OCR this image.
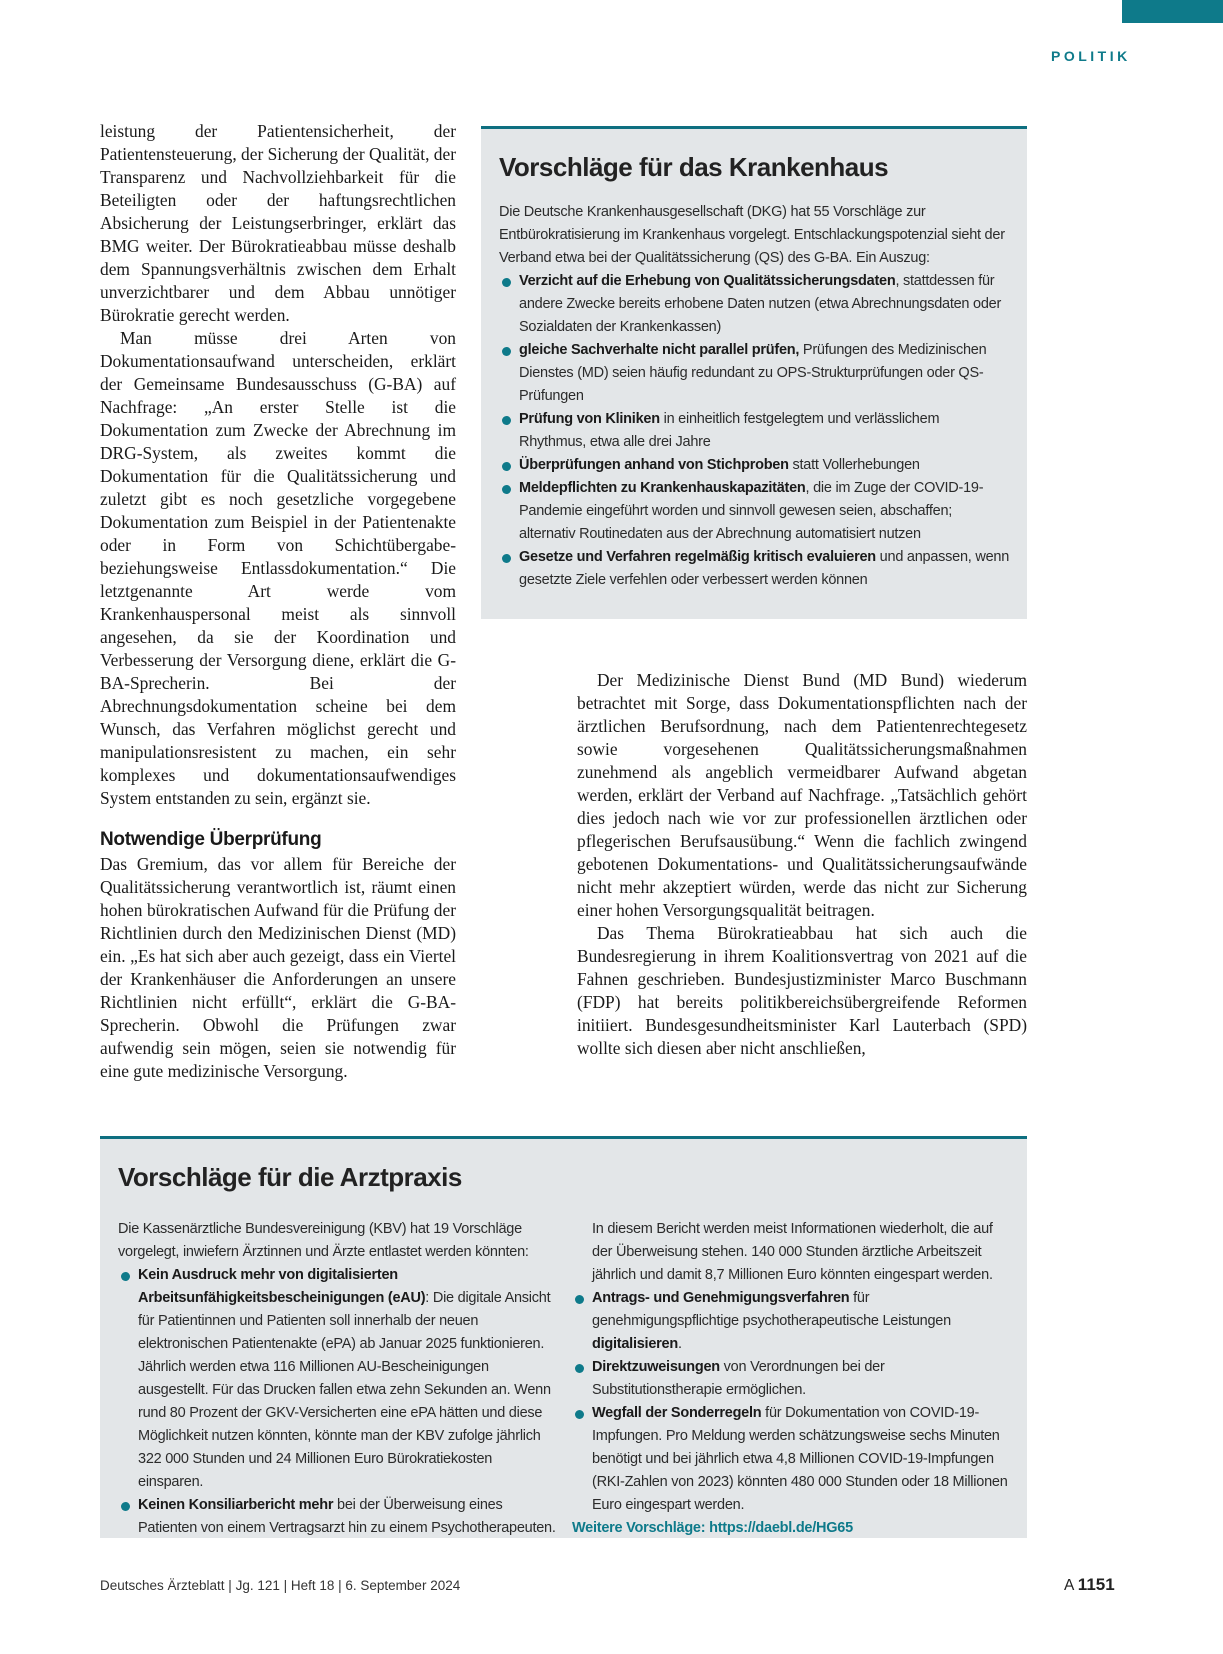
POLITIK

leistung der Patientensicherheit, der Patientensteuerung, der Sicherung der Qualität, der Transparenz und Nachvollziehbarkeit für die Beteiligten oder der haftungsrechtlichen Absicherung der Leistungserbringer, erklärt das BMG weiter. Der Bürokratieabbau müsse deshalb dem Spannungsverhältnis zwischen dem Erhalt unverzichtbarer und dem Abbau unnötiger Bürokratie gerecht werden.

Man müsse drei Arten von Dokumentationsaufwand unterscheiden, erklärt der Gemeinsame Bundesausschuss (G-BA) auf Nachfrage: „An erster Stelle ist die Dokumentation zum Zwecke der Abrechnung im DRG-System, als zweites kommt die Dokumentation für die Qualitätssicherung und zuletzt gibt es noch gesetzliche vorgegebene Dokumentation zum Beispiel in der Patientenakte oder in Form von Schichtübergabe- beziehungsweise Entlassdokumentation.“ Die letztgenannte Art werde vom Krankenhauspersonal meist als sinnvoll angesehen, da sie der Koordination und Verbesserung der Versorgung diene, erklärt die G-BA-Sprecherin. Bei der Abrechnungsdokumentation scheine bei dem Wunsch, das Verfahren möglichst gerecht und manipulationsresistent zu machen, ein sehr komplexes und dokumentationsaufwendiges System entstanden zu sein, ergänzt sie.

Notwendige Überprüfung

Das Gremium, das vor allem für Bereiche der Qualitätssicherung verantwortlich ist, räumt einen hohen bürokratischen Aufwand für die Prüfung der Richtlinien durch den Medizinischen Dienst (MD) ein. „Es hat sich aber auch gezeigt, dass ein Viertel der Krankenhäuser die Anforderungen an unsere Richtlinien nicht erfüllt“, erklärt die G-BA-Sprecherin. Obwohl die Prüfungen zwar aufwendig sein mögen, seien sie notwendig für eine gute medizinische Versorgung.

Vorschläge für das Krankenhaus

Die Deutsche Krankenhausgesellschaft (DKG) hat 55 Vorschläge zur Entbürokratisierung im Krankenhaus vorgelegt. Entschlackungspotenzial sieht der Verband etwa bei der Qualitätssicherung (QS) des G-BA. Ein Auszug:

Verzicht auf die Erhebung von Qualitätssicherungsdaten, stattdessen für andere Zwecke bereits erhobene Daten nutzen (etwa Abrechnungsdaten oder Sozialdaten der Krankenkassen)
gleiche Sachverhalte nicht parallel prüfen, Prüfungen des Medizinischen Dienstes (MD) seien häufig redundant zu OPS-Strukturprüfungen oder QS-Prüfungen
Prüfung von Kliniken in einheitlich festgelegtem und verlässlichem Rhythmus, etwa alle drei Jahre
Überprüfungen anhand von Stichproben statt Vollerhebungen
Meldepflichten zu Krankenhauskapazitäten, die im Zuge der COVID-19-Pandemie eingeführt worden und sinnvoll gewesen seien, abschaffen; alternativ Routinedaten aus der Abrechnung automatisiert nutzen
Gesetze und Verfahren regelmäßig kritisch evaluieren und anpassen, wenn gesetzte Ziele verfehlen oder verbessert werden können

Der Medizinische Dienst Bund (MD Bund) wiederum betrachtet mit Sorge, dass Dokumentationspflichten nach der ärztlichen Berufsordnung, nach dem Patientenrechtegesetz sowie vorgesehenen Qualitätssicherungsmaßnahmen zunehmend als angeblich vermeidbarer Aufwand abgetan werden, erklärt der Verband auf Nachfrage. „Tatsächlich gehört dies jedoch nach wie vor zur professionellen ärztlichen oder pflegerischen Berufsausübung.“ Wenn die fachlich zwingend gebotenen Dokumentations- und Qualitätssicherungsaufwände nicht mehr akzeptiert würden, werde das nicht zur Sicherung einer hohen Versorgungsqualität beitragen.

Das Thema Bürokratieabbau hat sich auch die Bundesregierung in ihrem Koalitionsvertrag von 2021 auf die Fahnen geschrieben. Bundesjustizminister Marco Buschmann (FDP) hat bereits politikbereichsübergreifende Reformen initiiert. Bundesgesundheitsminister Karl Lauterbach (SPD) wollte sich diesen aber nicht anschließen,

Vorschläge für die Arztpraxis

Die Kassenärztliche Bundesvereinigung (KBV) hat 19 Vorschläge vorgelegt, inwiefern Ärztinnen und Ärzte entlastet werden könnten:

Kein Ausdruck mehr von digitalisierten Arbeitsunfähigkeitsbescheinigungen (eAU): Die digitale Ansicht für Patientinnen und Patienten soll innerhalb der neuen elektronischen Patientenakte (ePA) ab Januar 2025 funktionieren. Jährlich werden etwa 116 Millionen AU-Bescheinigungen ausgestellt. Für das Drucken fallen etwa zehn Sekunden an. Wenn rund 80 Prozent der GKV-Versicherten eine ePA hätten und diese Möglichkeit nutzen könnten, könnte man der KBV zufolge jährlich 322 000 Stunden und 24 Millionen Euro Bürokratiekosten einsparen.
Keinen Konsiliarbericht mehr bei der Überweisung eines Patienten von einem Vertragsarzt hin zu einem Psychotherapeuten.

In diesem Bericht werden meist Informationen wiederholt, die auf der Überweisung stehen. 140 000 Stunden ärztliche Arbeitszeit jährlich und damit 8,7 Millionen Euro könnten eingespart werden.

Antrags- und Genehmigungsverfahren für genehmigungspflichtige psychotherapeutische Leistungen digitalisieren.
Direktzuweisungen von Verordnungen bei der Substitutionstherapie ermöglichen.
Wegfall der Sonderregeln für Dokumentation von COVID-19-Impfungen. Pro Meldung werden schätzungsweise sechs Minuten benötigt und bei jährlich etwa 4,8 Millionen COVID-19-Impfungen (RKI-Zahlen von 2023) könnten 480 000 Stunden oder 18 Millionen Euro eingespart werden.
Weitere Vorschläge: https://daebl.de/HG65
Deutsches Ärzteblatt | Jg. 121 | Heft 18 | 6. September 2024	A 1151
